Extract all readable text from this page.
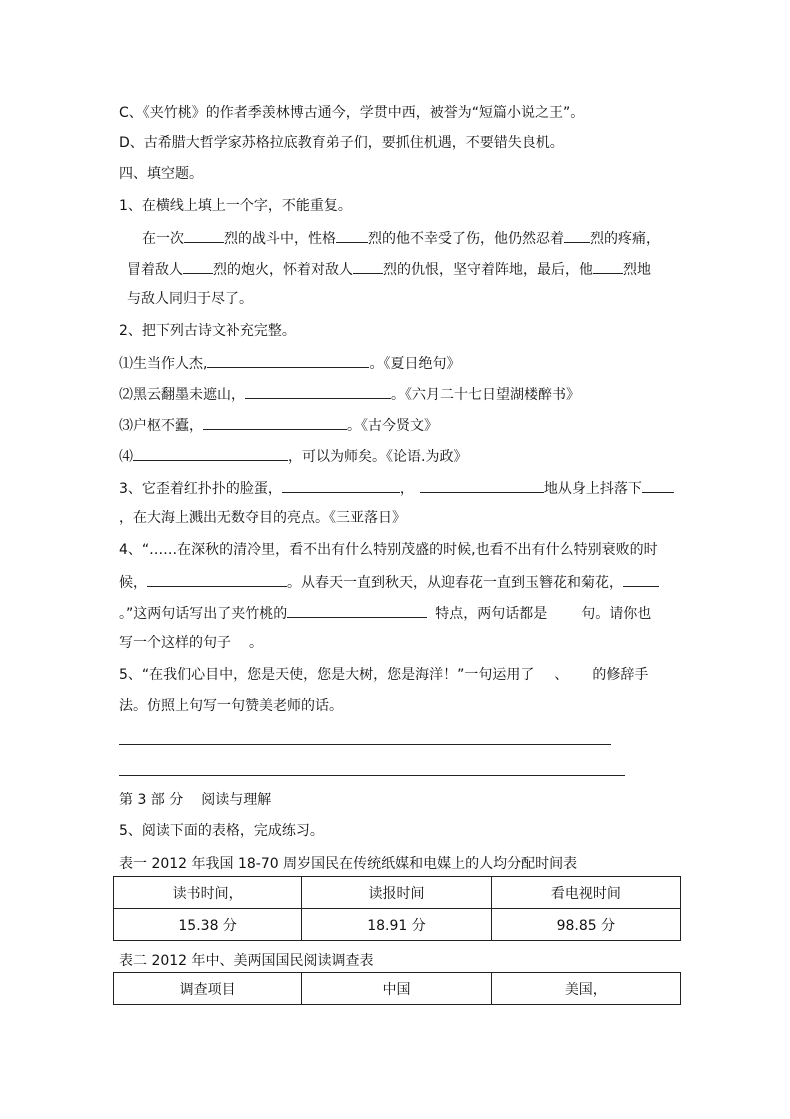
C、《夹竹桃》的作者季羡林博古通今，学贯中西，被誉为“短篇小说之王”。
D、古希腊大哲学家苏格拉底教育弟子们，要抓住机遇，不要错失良机。
四、填空题。
1、在横线上填上一个字，不能重复。
在一次	烈的战斗中，性格 烈的他不幸受了伤，他仍然忍着 烈的疼痛，
冒着敌人 烈的炮火，怀着对敌人 烈的仇恨，坚守着阵地，最后，他 烈地
与敌人同归于尽了。
2、把下列古诗文补充完整。
⑴生当作人杰,	。《夏日绝句》
⑵黑云翻墨未遮山，	。《六月二十七日望湖楼醉书》
⑶户枢不蠹，	。《古今贤文》
⑷	，可以为师矣。《论语.为政》
3、它歪着红扑扑的脸蛋，	，	地从身上抖落下
，在大海上溅出无数夺目的亮点。《三亚落日》
4、“……在深秋的清冷里，看不出有什么特别茂盛的时候,也看不出有什么特别衰败的时
候，	。从春天一直到秋天，从迎春花一直到玉簪花和菊花，
。”这两句话写出了夹竹桃的	特点，两句话都是 句。请你也
写一个这样的句子 。
5、“在我们心目中，您是天使，您是大树，您是海洋！”一句运用了 、 的修辞手
法。仿照上句写一句赞美老师的话。
第 3 部 分 阅读与理解
5、阅读下面的表格，完成练习。
表一 2012 年我国 18-70 周岁国民在传统纸媒和电媒上的人均分配时间表
读书时间，	读报时间	看电视时间
15.38 分	18.91 分	98.85 分
表二 2012 年中、美两国国民阅读调查表
调查项目	中国	美国，
